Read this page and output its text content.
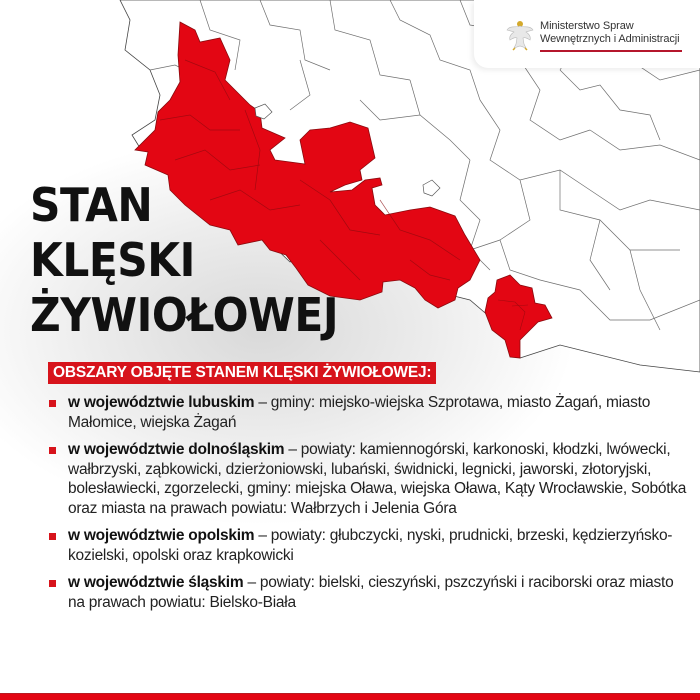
Ministerstwo Spraw
Wewnętrznych i Administracji
STAN
KLĘSKI
ŻYWIOŁOWEJ
OBSZARY OBJĘTE STANEM KLĘSKI ŻYWIOŁOWEJ:
w województwie lubuskim – gminy: miejsko-wiejska Szprotawa, miasto Żagań, miasto Małomice, wiejska Żagań
w województwie dolnośląskim – powiaty: kamiennogórski, karkonoski, kłodzki, lwówecki, wałbrzyski, ząbkowicki, dzierżoniowski, lubański, świdnicki, legnicki, jaworski, złotoryjski, bolesławiecki, zgorzelecki, gminy: miejska Oława, wiejska Oława, Kąty Wrocławskie, Sobótka oraz miasta na prawach powiatu: Wałbrzych i Jelenia Góra
w województwie opolskim – powiaty: głubczycki, nyski, prudnicki, brzeski, kędzierzyńsko-kozielski, opolski oraz krapkowicki
w województwie śląskim – powiaty: bielski, cieszyński, pszczyński i raciborski oraz miasto na prawach powiatu: Bielsko-Biała
